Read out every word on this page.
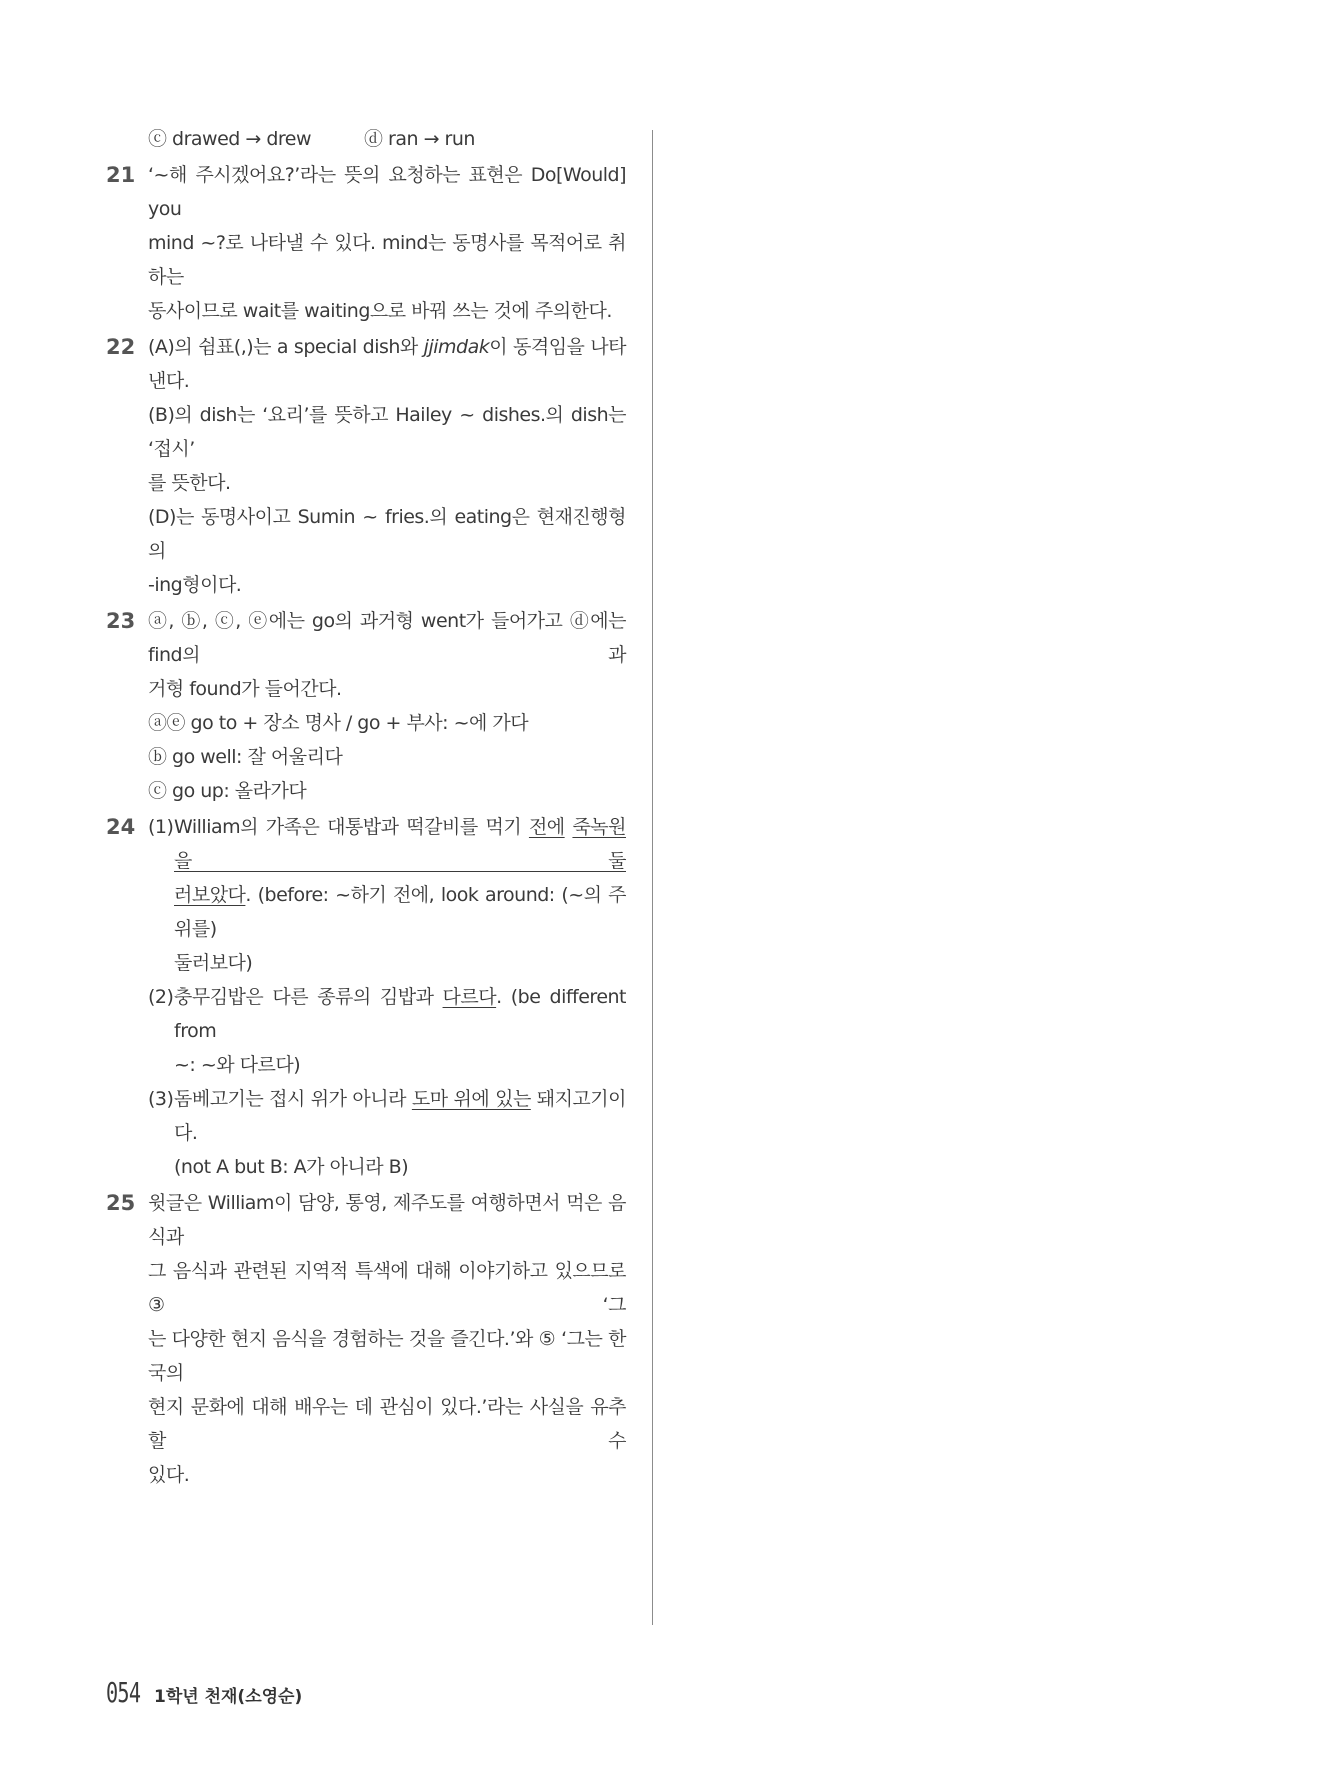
ⓒ drawed → drew	ⓓ ran → run
21 ‘~해 주시겠어요?’라는 뜻의 요청하는 표현은 Do[Would] you
mind ~?로 나타낼 수 있다. mind는 동명사를 목적어로 취하는
동사이므로 wait를 waiting으로 바꿔 쓰는 것에 주의한다.
22 (A)의 쉼표(,)는 a special dish와 jjimdak이 동격임을 나타낸다.
(B)의 dish는 ‘요리’를 뜻하고 Hailey ~ dishes.의 dish는 ‘접시’
를 뜻한다.
(D)는 동명사이고 Sumin ~ fries.의 eating은 현재진행형의
-ing형이다.
23 ⓐ, ⓑ, ⓒ, ⓔ에는 go의 과거형 went가 들어가고 ⓓ에는 find의 과
거형 found가 들어간다.
ⓐⓔ go to + 장소 명사 / go + 부사: ~에 가다
ⓑ go well: 잘 어울리다
ⓒ go up: 올라가다
24 (1) William의 가족은 대통밥과 떡갈비를 먹기 전에 죽녹원을 둘
러보았다. (before: ~하기 전에, look around: (~의 주위를)
둘러보다)
(2) 충무김밥은 다른 종류의 김밥과 다르다. (be different from
~: ~와 다르다)
(3) 돔베고기는 접시 위가 아니라 도마 위에 있는 돼지고기이다.
(not A but B: A가 아니라 B)
25 윗글은 William이 담양, 통영, 제주도를 여행하면서 먹은 음식과
그 음식과 관련된 지역적 특색에 대해 이야기하고 있으므로 ③ ‘그
는 다양한 현지 음식을 경험하는 것을 즐긴다.’와 ⑤ ‘그는 한국의
현지 문화에 대해 배우는 데 관심이 있다.’라는 사실을 유추할 수
있다.
054 1학년 천재(소영순)
